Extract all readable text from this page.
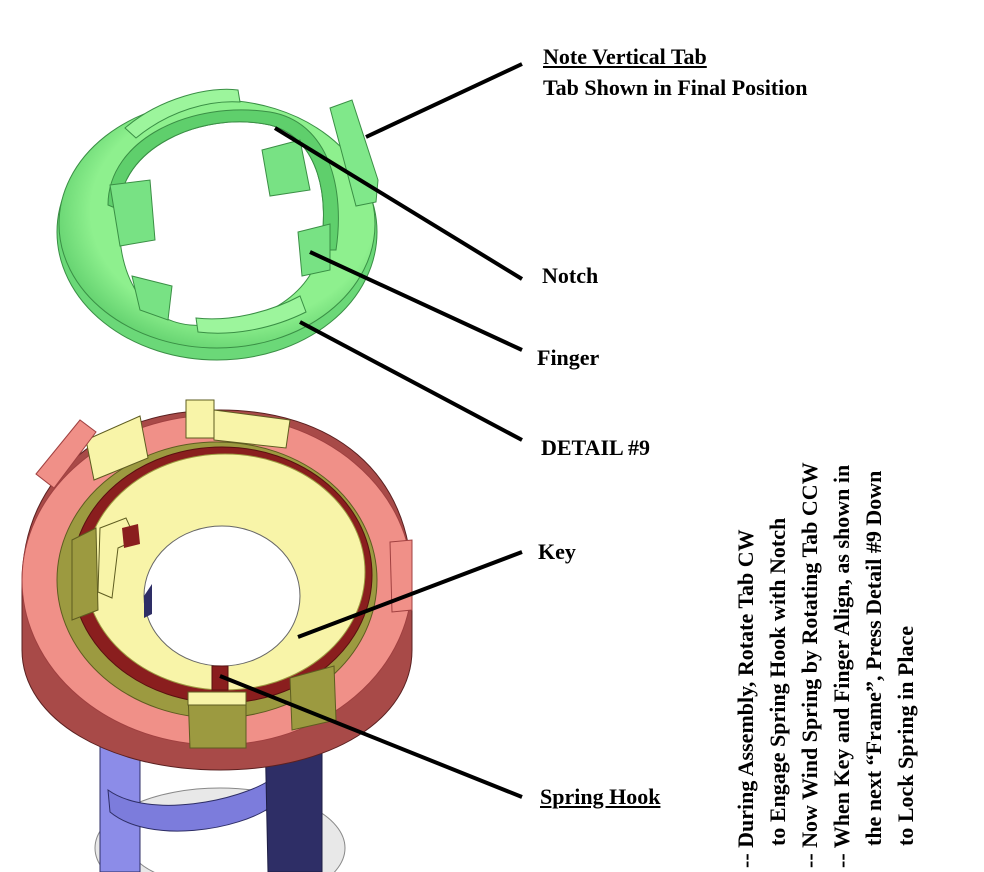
Note Vertical Tab
Tab Shown in Final Position
Notch
Finger
DETAIL #9
Key
Spring Hook	-- During Assembly, Rotate Tab CW to Engage Spring Hook with Notch -- Now Wind Spring by Rotating Tab CCW -- When Key and Finger Align, as shown in the next “Frame”, Press Detail #9 Down to Lock Spring in Place
